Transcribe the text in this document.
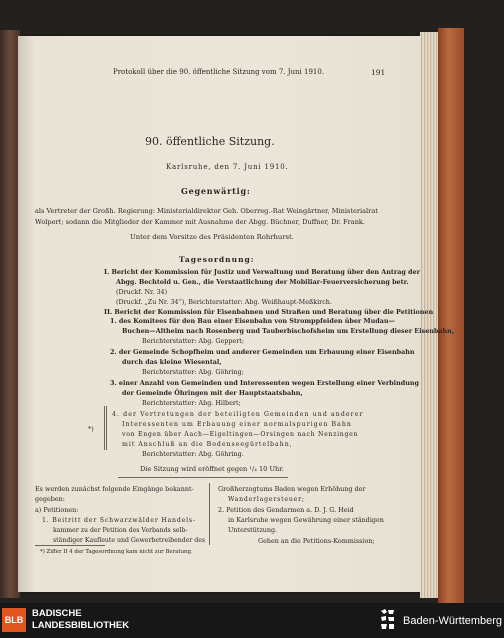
Protokoll über die 90. öffentliche Sitzung vom 7. Juni 1910.	191
90. öffentliche Sitzung.
Karlsruhe, den 7. Juni 1910.
Gegenwärtig:
als Vertreter der Großh. Regierung: Ministerialdirektor Geh. Oberreg.-Rat Weingärtner, Ministerialrat
Wolpert; sodann die Mitglieder der Kammer mit Ausnahme der Abgg. Büchner, Duffner, Dr. Frank.
Unter dem Vorsitze des Präsidenten Rohrhurst.
Tagesordnung:
I. Bericht der Kommission für Justiz und Verwaltung und Beratung über den Antrag der
Abgg. Bechtold u. Gen., die Verstaatlichung der Mobiliar-Feuerversicherung betr.
(Druckf. Nr. 34)
(Druckf. „Zu Nr. 34“), Berichterstatter: Abg. Weißhaupt-Meßkirch.
II. Bericht der Kommission für Eisenbahnen und Straßen und Beratung über die Petitionen
1. des Komitees für den Bau einer Eisenbahn von Stromppfeiden über Mudau—
Buchen—Altheim nach Rosenberg und Tauberbischofsheim um Erstellung dieser Eisenbahn,
Berichterstatter: Abg. Geppert;
2. der Gemeinde Schopfheim und anderer Gemeinden um Erbauung einer Eisenbahn
durch das kleine Wiesental,
Berichterstatter: Abg. Göhring;
3. einer Anzahl von Gemeinden und Interessenten wegen Erstellung einer Verbindung
der Gemeinde Öhringen mit der Hauptstaatsbahn,
Berichterstatter: Abg. Hilbert;
*)
4. der Vertretungen der beteiligten Gemeinden und anderer
Interessenten um Erbauung einer normalspurigen Bahn
von Engen über Aach—Eigeltingen—Orsingen nach Nenzingen
mit Anschluß an die Bodenseegürtelbahn,
Berichterstatter: Abg. Göhring.
Die Sitzung wird eröffnet gegen ¹/₄ 10 Uhr.
Es werden zunächst folgende Eingänge bekannt-
gegeben:
a) Petitionen:
1. Beitritt der Schwarzwälder Handels-
kammer zu der Petition des Verbands selb-
ständiger Kaufleute und Gewerbetreibender des
Großherzogtums Baden wegen Erhöhung der
Wanderlagersteuer;
2. Petition des Gendarmen a. D. J. G. Heid
in Karlsruhe wegen Gewährung einer ständigen
Unterstützung.
Gehen an die Petitions-Kommission;
*) Ziffer II 4 der Tagesordnung kam nicht zur Beratung.
BLB
BADISCHE
LANDESBIBLIOTHEK	Baden-Württemberg
